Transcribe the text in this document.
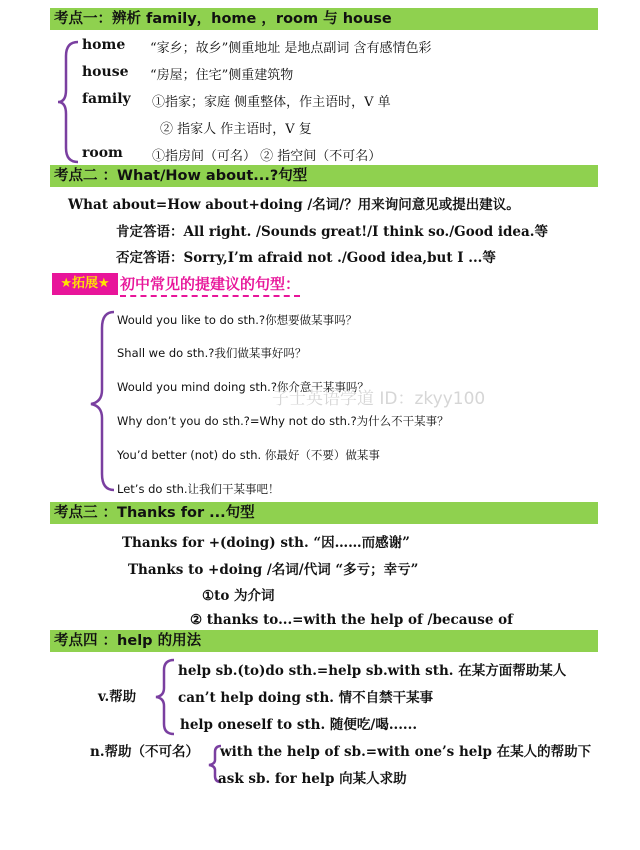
考点一：辨析 family，home ，room 与 house
home “家乡；故乡”侧重地址 是地点副词 含有感情色彩
house “房屋；住宅”侧重建筑物
family ①指家；家庭 侧重整体，作主语时，V 单
② 指家人 作主语时，V 复
room ①指房间（可名） ② 指空间（不可名）
考点二 ：What/How about...?句型
What about=How about+doing /名词/？用来询问意见或提出建议。
肯定答语：All right. /Sounds great!/I think so./Good idea.等
否定答语：Sorry,I’m afraid not ./Good idea,but I ...等
★拓展★ 初中常见的提建议的句型：
Would you like to do sth.?你想要做某事吗？
Shall we do sth.?我们做某事好吗？
Would you mind doing sth.?你介意干某事吗？
Why don’t you do sth.?=Why not do sth.?为什么不干某事？
You’d better (not) do sth. 你最好（不要）做某事
Let’s do sth.让我们干某事吧！
子士英语学道 ID：zkyy100
考点三 ：Thanks for ...句型
Thanks for +(doing) sth. “因……而感谢”
Thanks to +doing /名词/代词 “多亏；幸亏”
①to 为介词
② thanks to...=with the help of /because of
考点四 ：help 的用法
v.帮助
help sb.(to)do sth.=help sb.with sth. 在某方面帮助某人
can’t help doing sth. 情不自禁干某事
help oneself to sth. 随便吃/喝......
n.帮助（不可名） with the help of sb.=with one’s help 在某人的帮助下
ask sb. for help 向某人求助
